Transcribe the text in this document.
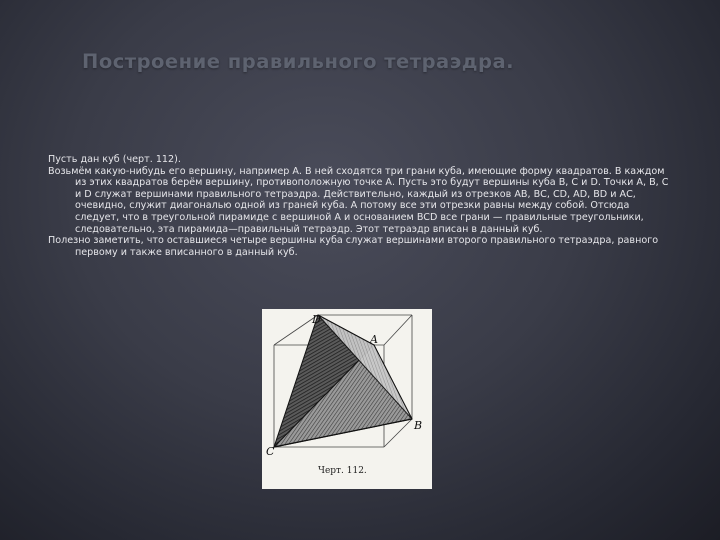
Построение правильного тетраэдра.

Пусть дан куб (черт. 112).

Возьмём какую-нибудь его вершину, например А. В ней сходятся три грани куба, имеющие форму квадратов. В каждом из этих квадратов берём вершину, противоположную точке А. Пусть это будут вершины куба В, С и D. Точки А, В, С и D служат вершинами правильного тетраэдра. Действительно, каждый из отрезков АВ, ВС, CD, AD, BD и АС, очевидно, служит диагональю одной из граней куба. А потому все эти отрезки равны между собой. Отсюда следует, что в треугольной пирамиде с вершиной А и основанием BCD все грани — правильные треугольники, следовательно, эта пирамида—правильный тетраэдр. Этот тетраэдр вписан в данный куб.

Полезно заметить, что оставшиеся четыре вершины куба служат вершинами второго правильного тетраэдра, равного первому и также вписанного в данный куб.

D
A
B
C
Черт. 112.
